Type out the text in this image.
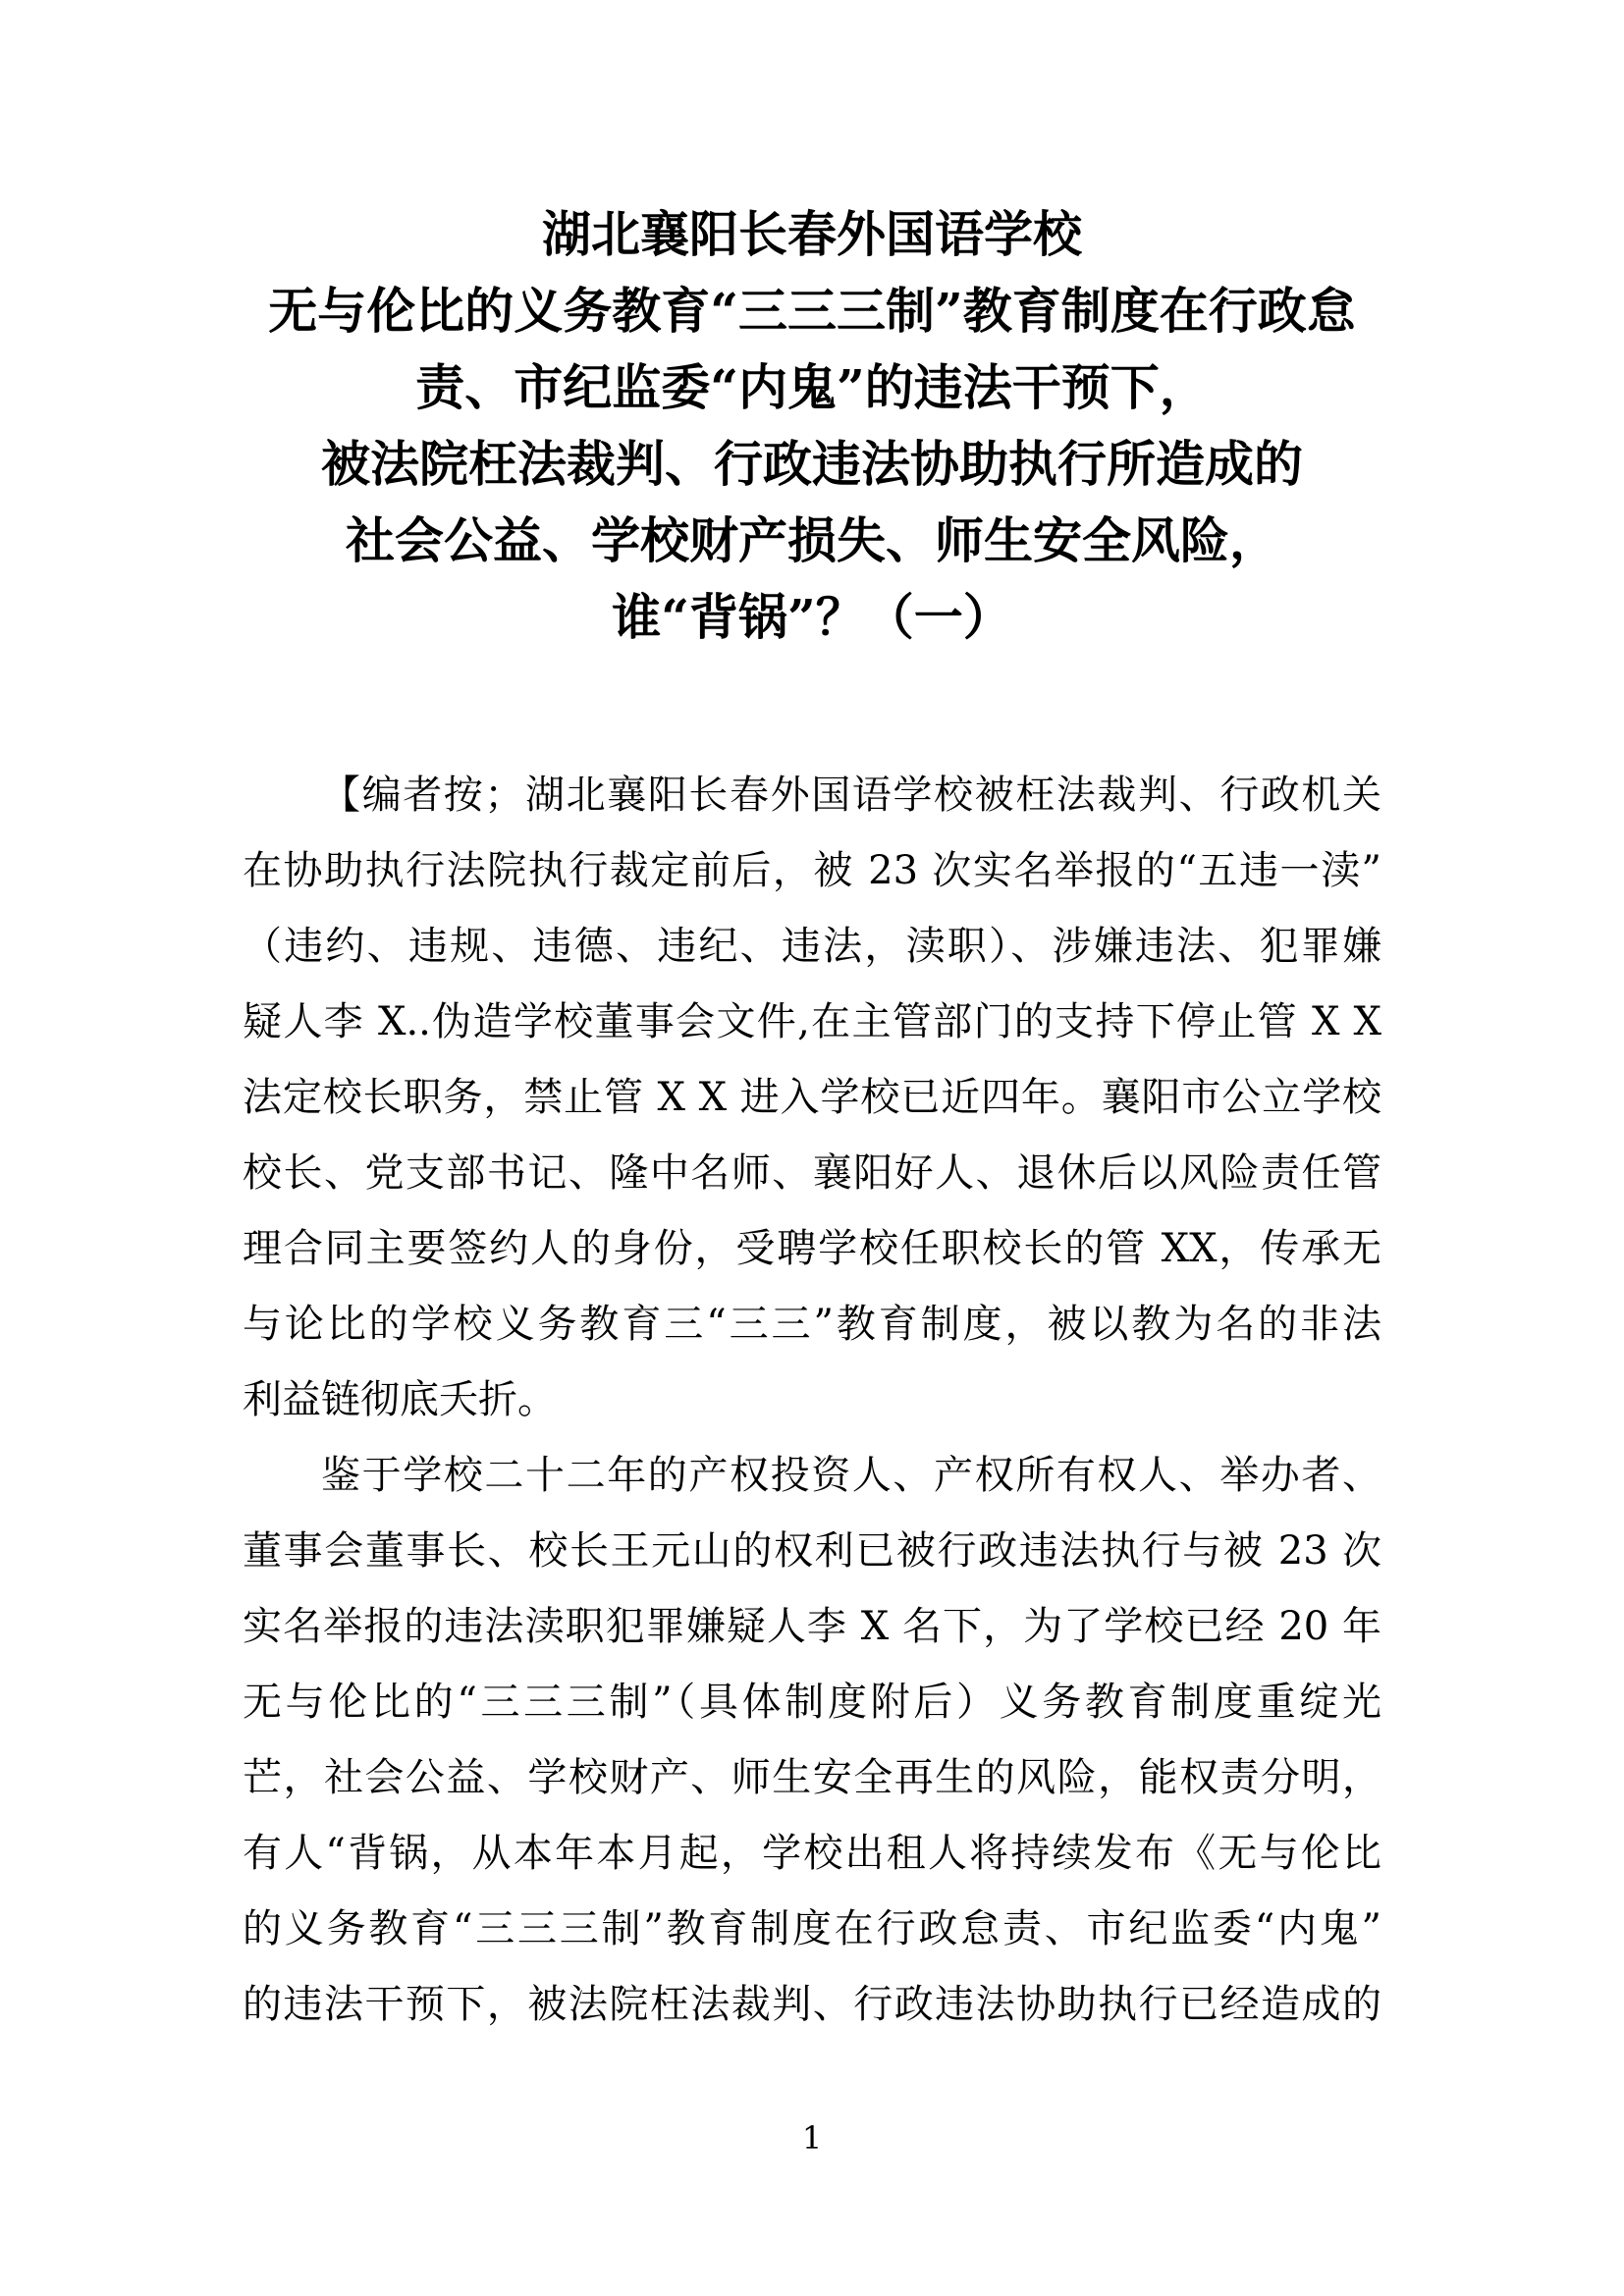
湖北襄阳长春外国语学校
无与伦比的义务教育“三三三制”教育制度在行政怠
责、市纪监委“内鬼”的违法干预下，
被法院枉法裁判、行政违法协助执行所造成的
社会公益、学校财产损失、师生安全风险，
谁“背锅”？（一）
【编者按；湖北襄阳长春外国语学校被枉法裁判、行政机关
在协助执行法院执行裁定前后，被 23 次实名举报的“五违一渎”
（违约、违规、违德、违纪、违法，渎职）、涉嫌违法、犯罪嫌
疑人李 X..伪造学校董事会文件,在主管部门的支持下停止管 X X
法定校长职务，禁止管 X X 进入学校已近四年。襄阳市公立学校
校长、党支部书记、隆中名师、襄阳好人、退休后以风险责任管
理合同主要签约人的身份，受聘学校任职校长的管 XX，传承无
与论比的学校义务教育三“三三”教育制度，被以教为名的非法
利益链彻底夭折。
鉴于学校二十二年的产权投资人、产权所有权人、举办者、
董事会董事长、校长王元山的权利已被行政违法执行与被 23 次
实名举报的违法渎职犯罪嫌疑人李 X 名下，为了学校已经 20 年
无与伦比的“三三三制”（具体制度附后）义务教育制度重绽光
芒，社会公益、学校财产、师生安全再生的风险，能权责分明，
有人“背锅，从本年本月起，学校出租人将持续发布《无与伦比
的义务教育“三三三制”教育制度在行政怠责、市纪监委“内鬼”
的违法干预下，被法院枉法裁判、行政违法协助执行已经造成的
1
